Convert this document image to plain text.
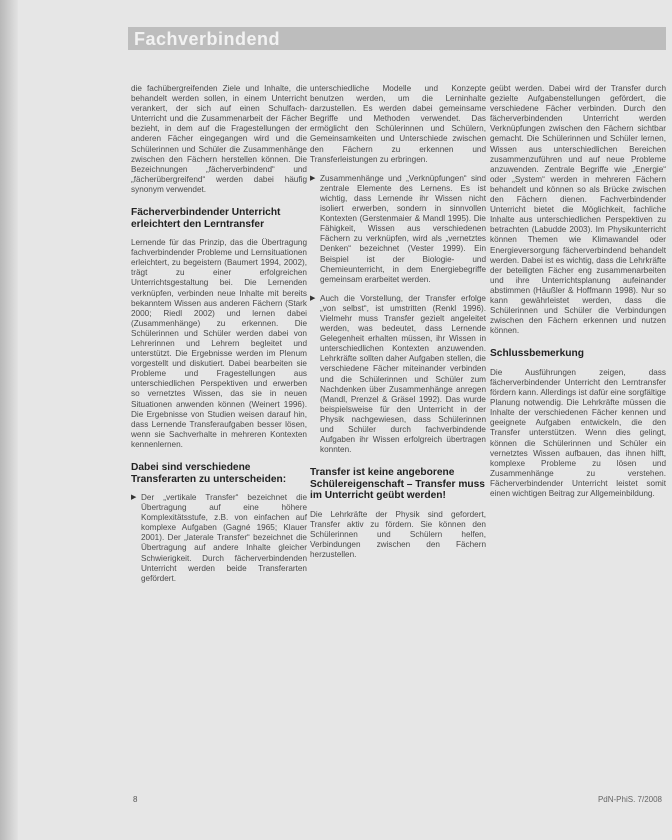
Fachverbindend

die fachübergreifenden Ziele und Inhalte, die behandelt werden sollen, in einem Unterricht verankert, der sich auf einen Schulfach-Unterricht und die Zusammenarbeit der Fächer bezieht, in dem auf die Fragestellungen der anderen Fächer eingegangen wird und die Schülerinnen und Schüler die Zusammenhänge zwischen den Fächern herstellen können. Die Bezeichnungen „fächerverbindend“ und „fächerübergreifend“ werden dabei häufig synonym verwendet.

Fächerverbindender Unterricht erleichtert den Lerntransfer

Lernende für das Prinzip, das die Übertragung fachverbindender Probleme und Lernsituationen erleichtert, zu begeistern (Baumert 1994, 2002), trägt zu einer erfolgreichen Unterrichtsgestaltung bei. Die Lernenden verknüpfen, verbinden neue Inhalte mit bereits bekanntem Wissen aus anderen Fächern (Stark 2000; Riedl 2002) und lernen dabei (Zusammenhänge) zu erkennen. Die Schülerinnen und Schüler werden dabei von Lehrerinnen und Lehrern begleitet und unterstützt. Die Ergebnisse werden im Plenum vorgestellt und diskutiert. Dabei bearbeiten sie Probleme und Fragestellungen aus unterschiedlichen Perspektiven und erwerben so vernetztes Wissen, das sie in neuen Situationen anwenden können (Weinert 1996). Die Ergebnisse von Studien weisen darauf hin, dass Lernende Transferaufgaben besser lösen, wenn sie Sachverhalte in mehreren Kontexten kennenlernen.

Dabei sind verschiedene Transferarten zu unterscheiden:

▶ Der „vertikale Transfer“ bezeichnet die Übertragung auf eine höhere Komplexitätsstufe, z.B. von einfachen auf komplexe Aufgaben (Gagné 1965; Klauer 2001). Der „laterale Transfer“ bezeichnet die Übertragung auf andere Inhalte gleicher Schwierigkeit. Durch fächerverbindenden Unterricht werden beide Transferarten gefördert.

unterschiedliche Modelle und Konzepte benutzen werden, um die Lerninhalte darzustellen. Es werden dabei gemeinsame Begriffe und Methoden verwendet. Das ermöglicht den Schülerinnen und Schülern, Gemeinsamkeiten und Unterschiede zwischen den Fächern zu erkennen und Transferleistungen zu erbringen.

▶ Zusammenhänge und „Verknüpfungen“ sind zentrale Elemente des Lernens. Es ist wichtig, dass Lernende ihr Wissen nicht isoliert erwerben, sondern in sinnvollen Kontexten (Gerstenmaier & Mandl 1995). Die Fähigkeit, Wissen aus verschiedenen Fächern zu verknüpfen, wird als „vernetztes Denken“ bezeichnet (Vester 1999). Ein Beispiel ist der Biologie- und Chemieunterricht, in dem Energiebegriffe gemeinsam erarbeitet werden.

▶ Auch die Vorstellung, der Transfer erfolge „von selbst“, ist umstritten (Renkl 1996). Vielmehr muss Transfer gezielt angeleitet werden, was bedeutet, dass Lernende Gelegenheit erhalten müssen, ihr Wissen in unterschiedlichen Kontexten anzuwenden. Lehrkräfte sollten daher Aufgaben stellen, die verschiedene Fächer miteinander verbinden und die Schülerinnen und Schüler zum Nachdenken über Zusammenhänge anregen (Mandl, Prenzel & Gräsel 1992). Das wurde beispielsweise für den Unterricht in der Physik nachgewiesen, dass Schülerinnen und Schüler durch fachverbindende Aufgaben ihr Wissen erfolgreich übertragen konnten.

Transfer ist keine angeborene Schülereigenschaft – Transfer muss im Unterricht geübt werden!

Die Lehrkräfte der Physik sind gefordert, Transfer aktiv zu fördern. Sie können den Schülerinnen und Schülern helfen, Verbindungen zwischen den Fächern herzustellen.

geübt werden. Dabei wird der Transfer durch gezielte Aufgabenstellungen gefördert, die verschiedene Fächer verbinden. Durch den fächerverbindenden Unterricht werden Verknüpfungen zwischen den Fächern sichtbar gemacht. Die Schülerinnen und Schüler lernen, Wissen aus unterschiedlichen Bereichen zusammenzuführen und auf neue Probleme anzuwenden. Zentrale Begriffe wie „Energie“ oder „System“ werden in mehreren Fächern behandelt und können so als Brücke zwischen den Fächern dienen. Fachverbindender Unterricht bietet die Möglichkeit, fachliche Inhalte aus unterschiedlichen Perspektiven zu betrachten (Labudde 2003). Im Physikunterricht können Themen wie Klimawandel oder Energieversorgung fächerverbindend behandelt werden. Dabei ist es wichtig, dass die Lehrkräfte der beteiligten Fächer eng zusammenarbeiten und ihre Unterrichtsplanung aufeinander abstimmen (Häußler & Hoffmann 1998). Nur so kann gewährleistet werden, dass die Schülerinnen und Schüler die Verbindungen zwischen den Fächern erkennen und nutzen können.

Schlussbemerkung

Die Ausführungen zeigen, dass fächerverbindender Unterricht den Lerntransfer fördern kann. Allerdings ist dafür eine sorgfältige Planung notwendig. Die Lehrkräfte müssen die Inhalte der verschiedenen Fächer kennen und geeignete Aufgaben entwickeln, die den Transfer unterstützen. Wenn dies gelingt, können die Schülerinnen und Schüler ein vernetztes Wissen aufbauen, das ihnen hilft, komplexe Probleme zu lösen und Zusammenhänge zu verstehen. Fächerverbindender Unterricht leistet somit einen wichtigen Beitrag zur Allgemeinbildung.

8	PdN-PhiS. 7/2008
